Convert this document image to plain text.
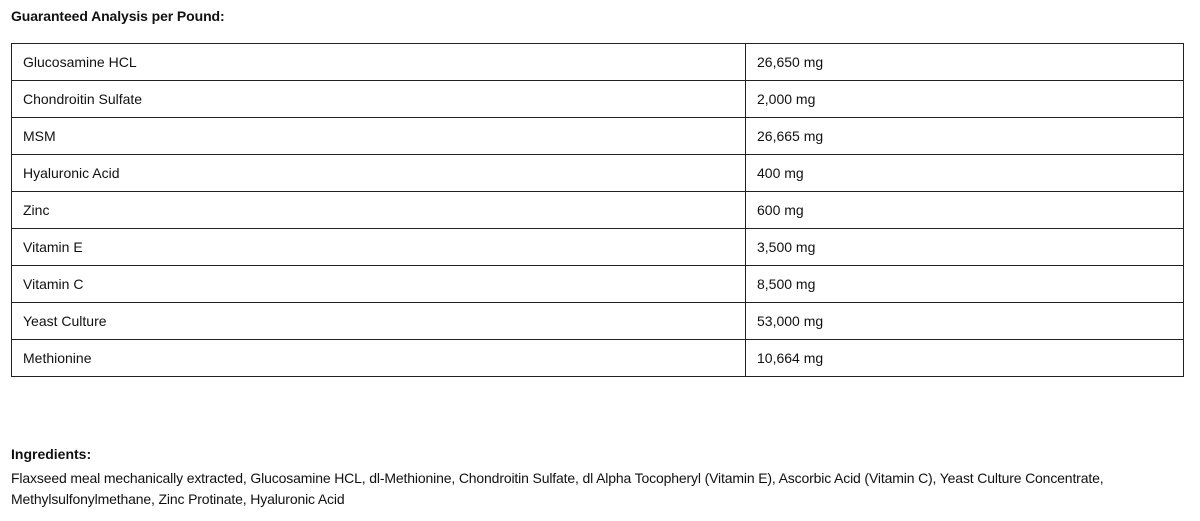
Guaranteed Analysis per Pound:
Glucosamine HCL	26,650 mg
Chondroitin Sulfate	2,000 mg
MSM	26,665 mg
Hyaluronic Acid	400 mg
Zinc	600 mg
Vitamin E	3,500 mg
Vitamin C	8,500 mg
Yeast Culture	53,000 mg
Methionine	10,664 mg
Ingredients:
Flaxseed meal mechanically extracted, Glucosamine HCL, dl-Methionine, Chondroitin Sulfate, dl Alpha Tocopheryl (Vitamin E), Ascorbic Acid (Vitamin C), Yeast Culture Concentrate, Methylsulfonylmethane, Zinc Protinate, Hyaluronic Acid
